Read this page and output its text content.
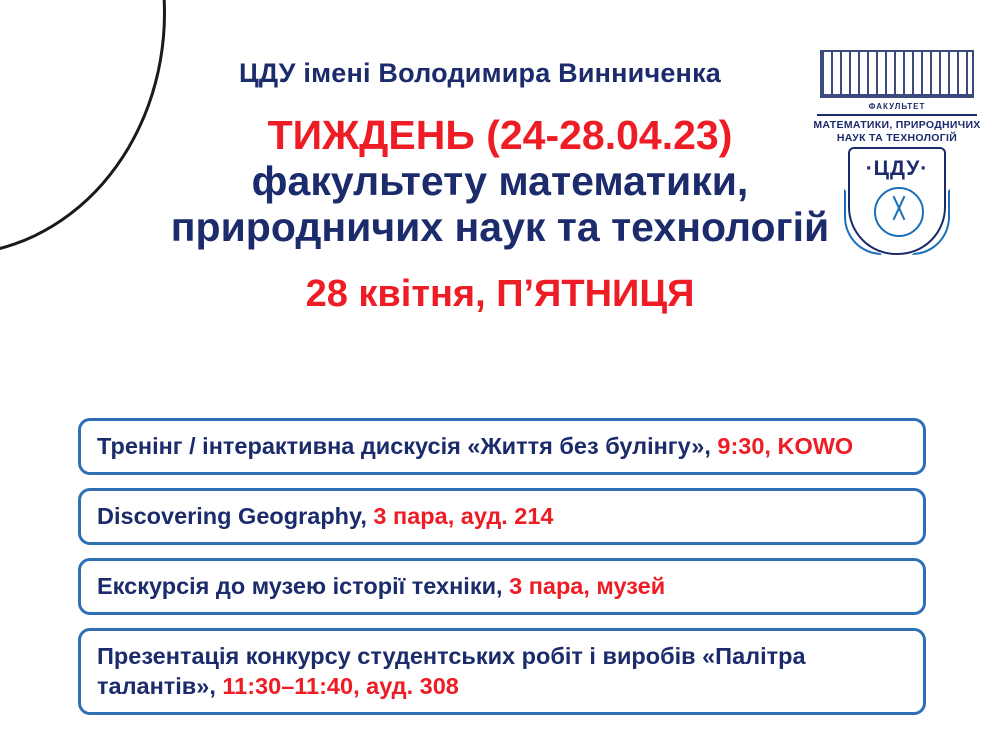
ЦДУ імені Володимира Винниченка
ТИЖДЕНЬ (24-28.04.23)
факультету математики,
природничих наук та технологій
28 квітня, П’ЯТНИЦЯ
ФАКУЛЬТЕТ
МАТЕМАТИКИ, ПРИРОДНИЧИХ
НАУК ТА ТЕХНОЛОГІЙ
·ЦДУ·
Тренінг / інтерактивна дискусія «Життя без булінгу», 9:30, KOWO
Discovering Geography, 3 пара, ауд. 214
Екскурсія до музею історії техніки, 3 пара, музей
Презентація конкурсу студентських робіт і виробів «Палітра талантів», 11:30–11:40, ауд. 308
